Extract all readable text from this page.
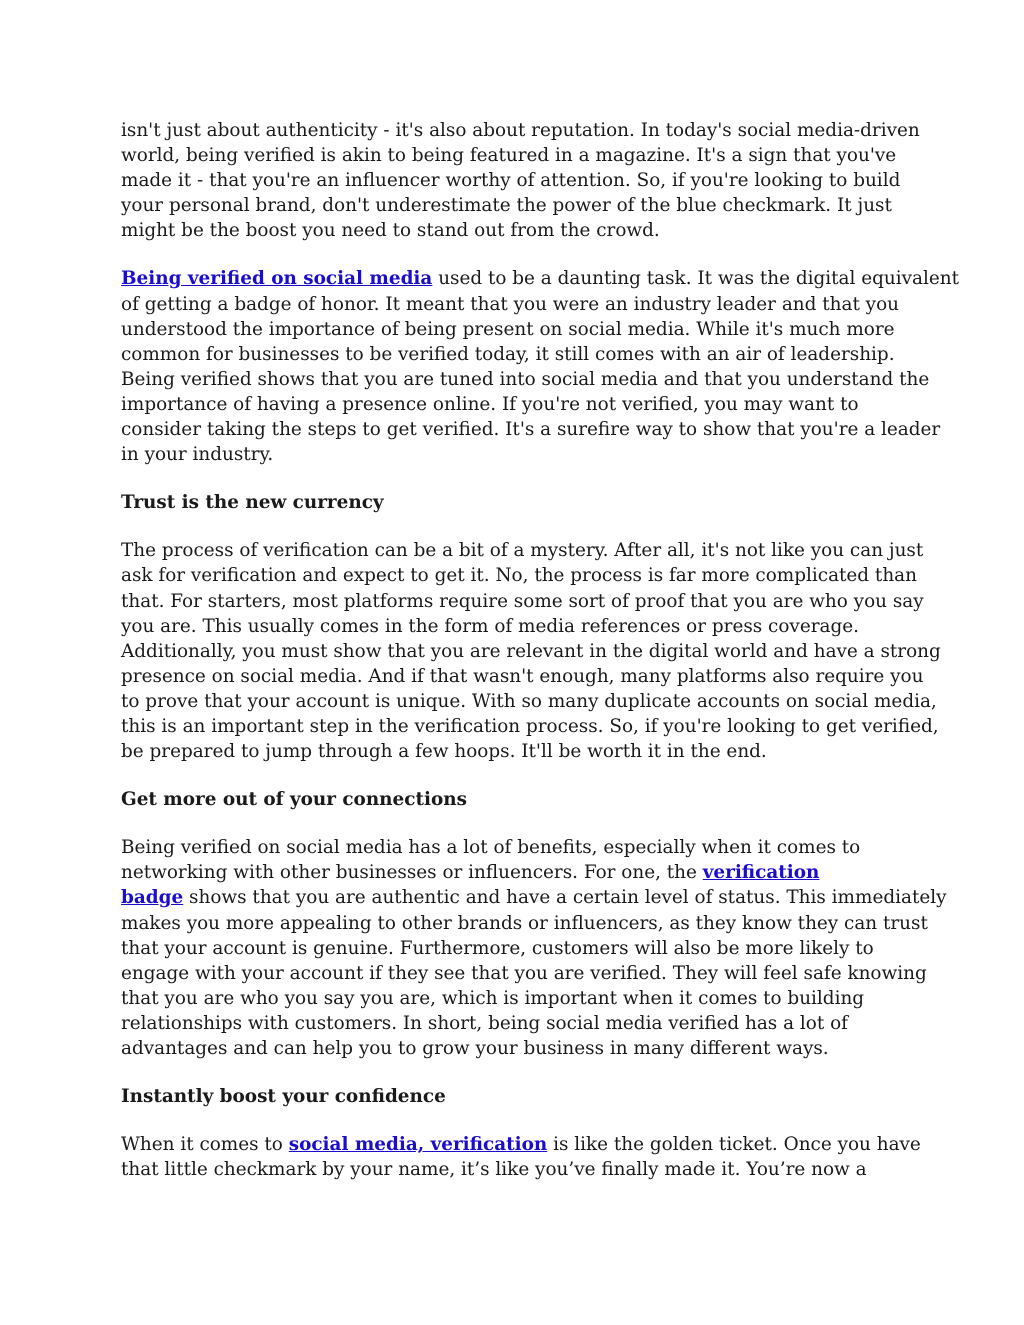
isn't just about authenticity - it's also about reputation. In today's social media-driven
world, being verified is akin to being featured in a magazine. It's a sign that you've
made it - that you're an influencer worthy of attention. So, if you're looking to build
your personal brand, don't underestimate the power of the blue checkmark. It just
might be the boost you need to stand out from the crowd.

Being verified on social media used to be a daunting task. It was the digital equivalent
of getting a badge of honor. It meant that you were an industry leader and that you
understood the importance of being present on social media. While it's much more
common for businesses to be verified today, it still comes with an air of leadership.
Being verified shows that you are tuned into social media and that you understand the
importance of having a presence online. If you're not verified, you may want to
consider taking the steps to get verified. It's a surefire way to show that you're a leader
in your industry.

Trust is the new currency

The process of verification can be a bit of a mystery. After all, it's not like you can just
ask for verification and expect to get it. No, the process is far more complicated than
that. For starters, most platforms require some sort of proof that you are who you say
you are. This usually comes in the form of media references or press coverage.
Additionally, you must show that you are relevant in the digital world and have a strong
presence on social media. And if that wasn't enough, many platforms also require you
to prove that your account is unique. With so many duplicate accounts on social media,
this is an important step in the verification process. So, if you're looking to get verified,
be prepared to jump through a few hoops. It'll be worth it in the end.

Get more out of your connections

Being verified on social media has a lot of benefits, especially when it comes to
networking with other businesses or influencers. For one, the verification
badge shows that you are authentic and have a certain level of status. This immediately
makes you more appealing to other brands or influencers, as they know they can trust
that your account is genuine. Furthermore, customers will also be more likely to
engage with your account if they see that you are verified. They will feel safe knowing
that you are who you say you are, which is important when it comes to building
relationships with customers. In short, being social media verified has a lot of
advantages and can help you to grow your business in many different ways.

Instantly boost your confidence

When it comes to social media, verification is like the golden ticket. Once you have
that little checkmark by your name, it’s like you’ve finally made it. You’re now a
